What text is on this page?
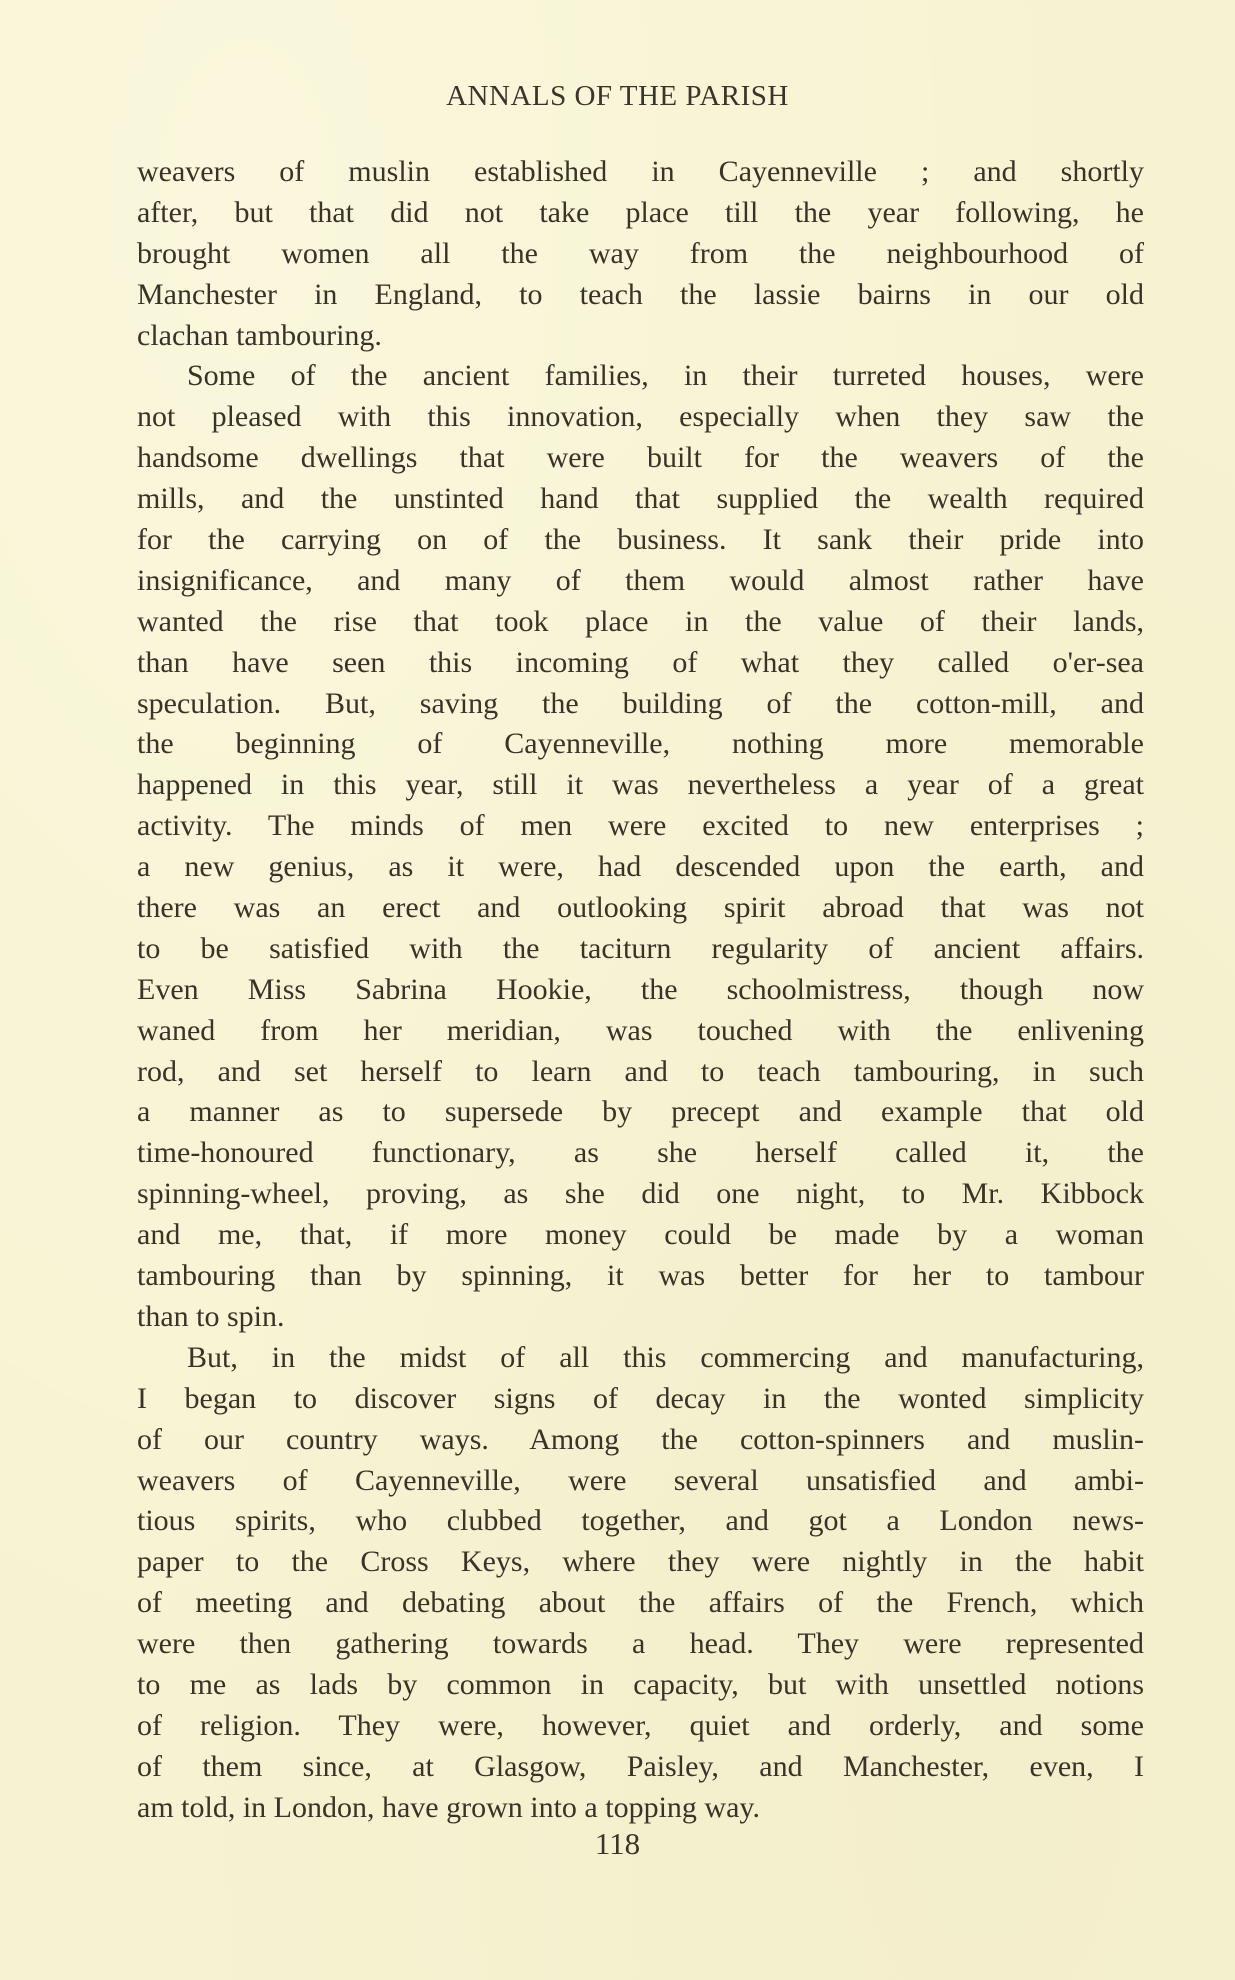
ANNALS OF THE PARISH
weavers of muslin established in Cayenneville ; and shortly
after, but that did not take place till the year following, he
brought women all the way from the neighbourhood of
Manchester in England, to teach the lassie bairns in our old
clachan tambouring.
Some of the ancient families, in their turreted houses, were
not pleased with this innovation, especially when they saw the
handsome dwellings that were built for the weavers of the
mills, and the unstinted hand that supplied the wealth required
for the carrying on of the business. It sank their pride into
insignificance, and many of them would almost rather have
wanted the rise that took place in the value of their lands,
than have seen this incoming of what they called o'er-sea
speculation. But, saving the building of the cotton-mill, and
the beginning of Cayenneville, nothing more memorable
happened in this year, still it was nevertheless a year of a great
activity. The minds of men were excited to new enterprises ;
a new genius, as it were, had descended upon the earth, and
there was an erect and outlooking spirit abroad that was not
to be satisfied with the taciturn regularity of ancient affairs.
Even Miss Sabrina Hookie, the schoolmistress, though now
waned from her meridian, was touched with the enlivening
rod, and set herself to learn and to teach tambouring, in such
a manner as to supersede by precept and example that old
time-honoured functionary, as she herself called it, the
spinning-wheel, proving, as she did one night, to Mr. Kibbock
and me, that, if more money could be made by a woman
tambouring than by spinning, it was better for her to tambour
than to spin.
But, in the midst of all this commercing and manufacturing,
I began to discover signs of decay in the wonted simplicity
of our country ways. Among the cotton-spinners and muslin-
weavers of Cayenneville, were several unsatisfied and ambi-
tious spirits, who clubbed together, and got a London news-
paper to the Cross Keys, where they were nightly in the habit
of meeting and debating about the affairs of the French, which
were then gathering towards a head. They were represented
to me as lads by common in capacity, but with unsettled notions
of religion. They were, however, quiet and orderly, and some
of them since, at Glasgow, Paisley, and Manchester, even, I
am told, in London, have grown into a topping way.
118
